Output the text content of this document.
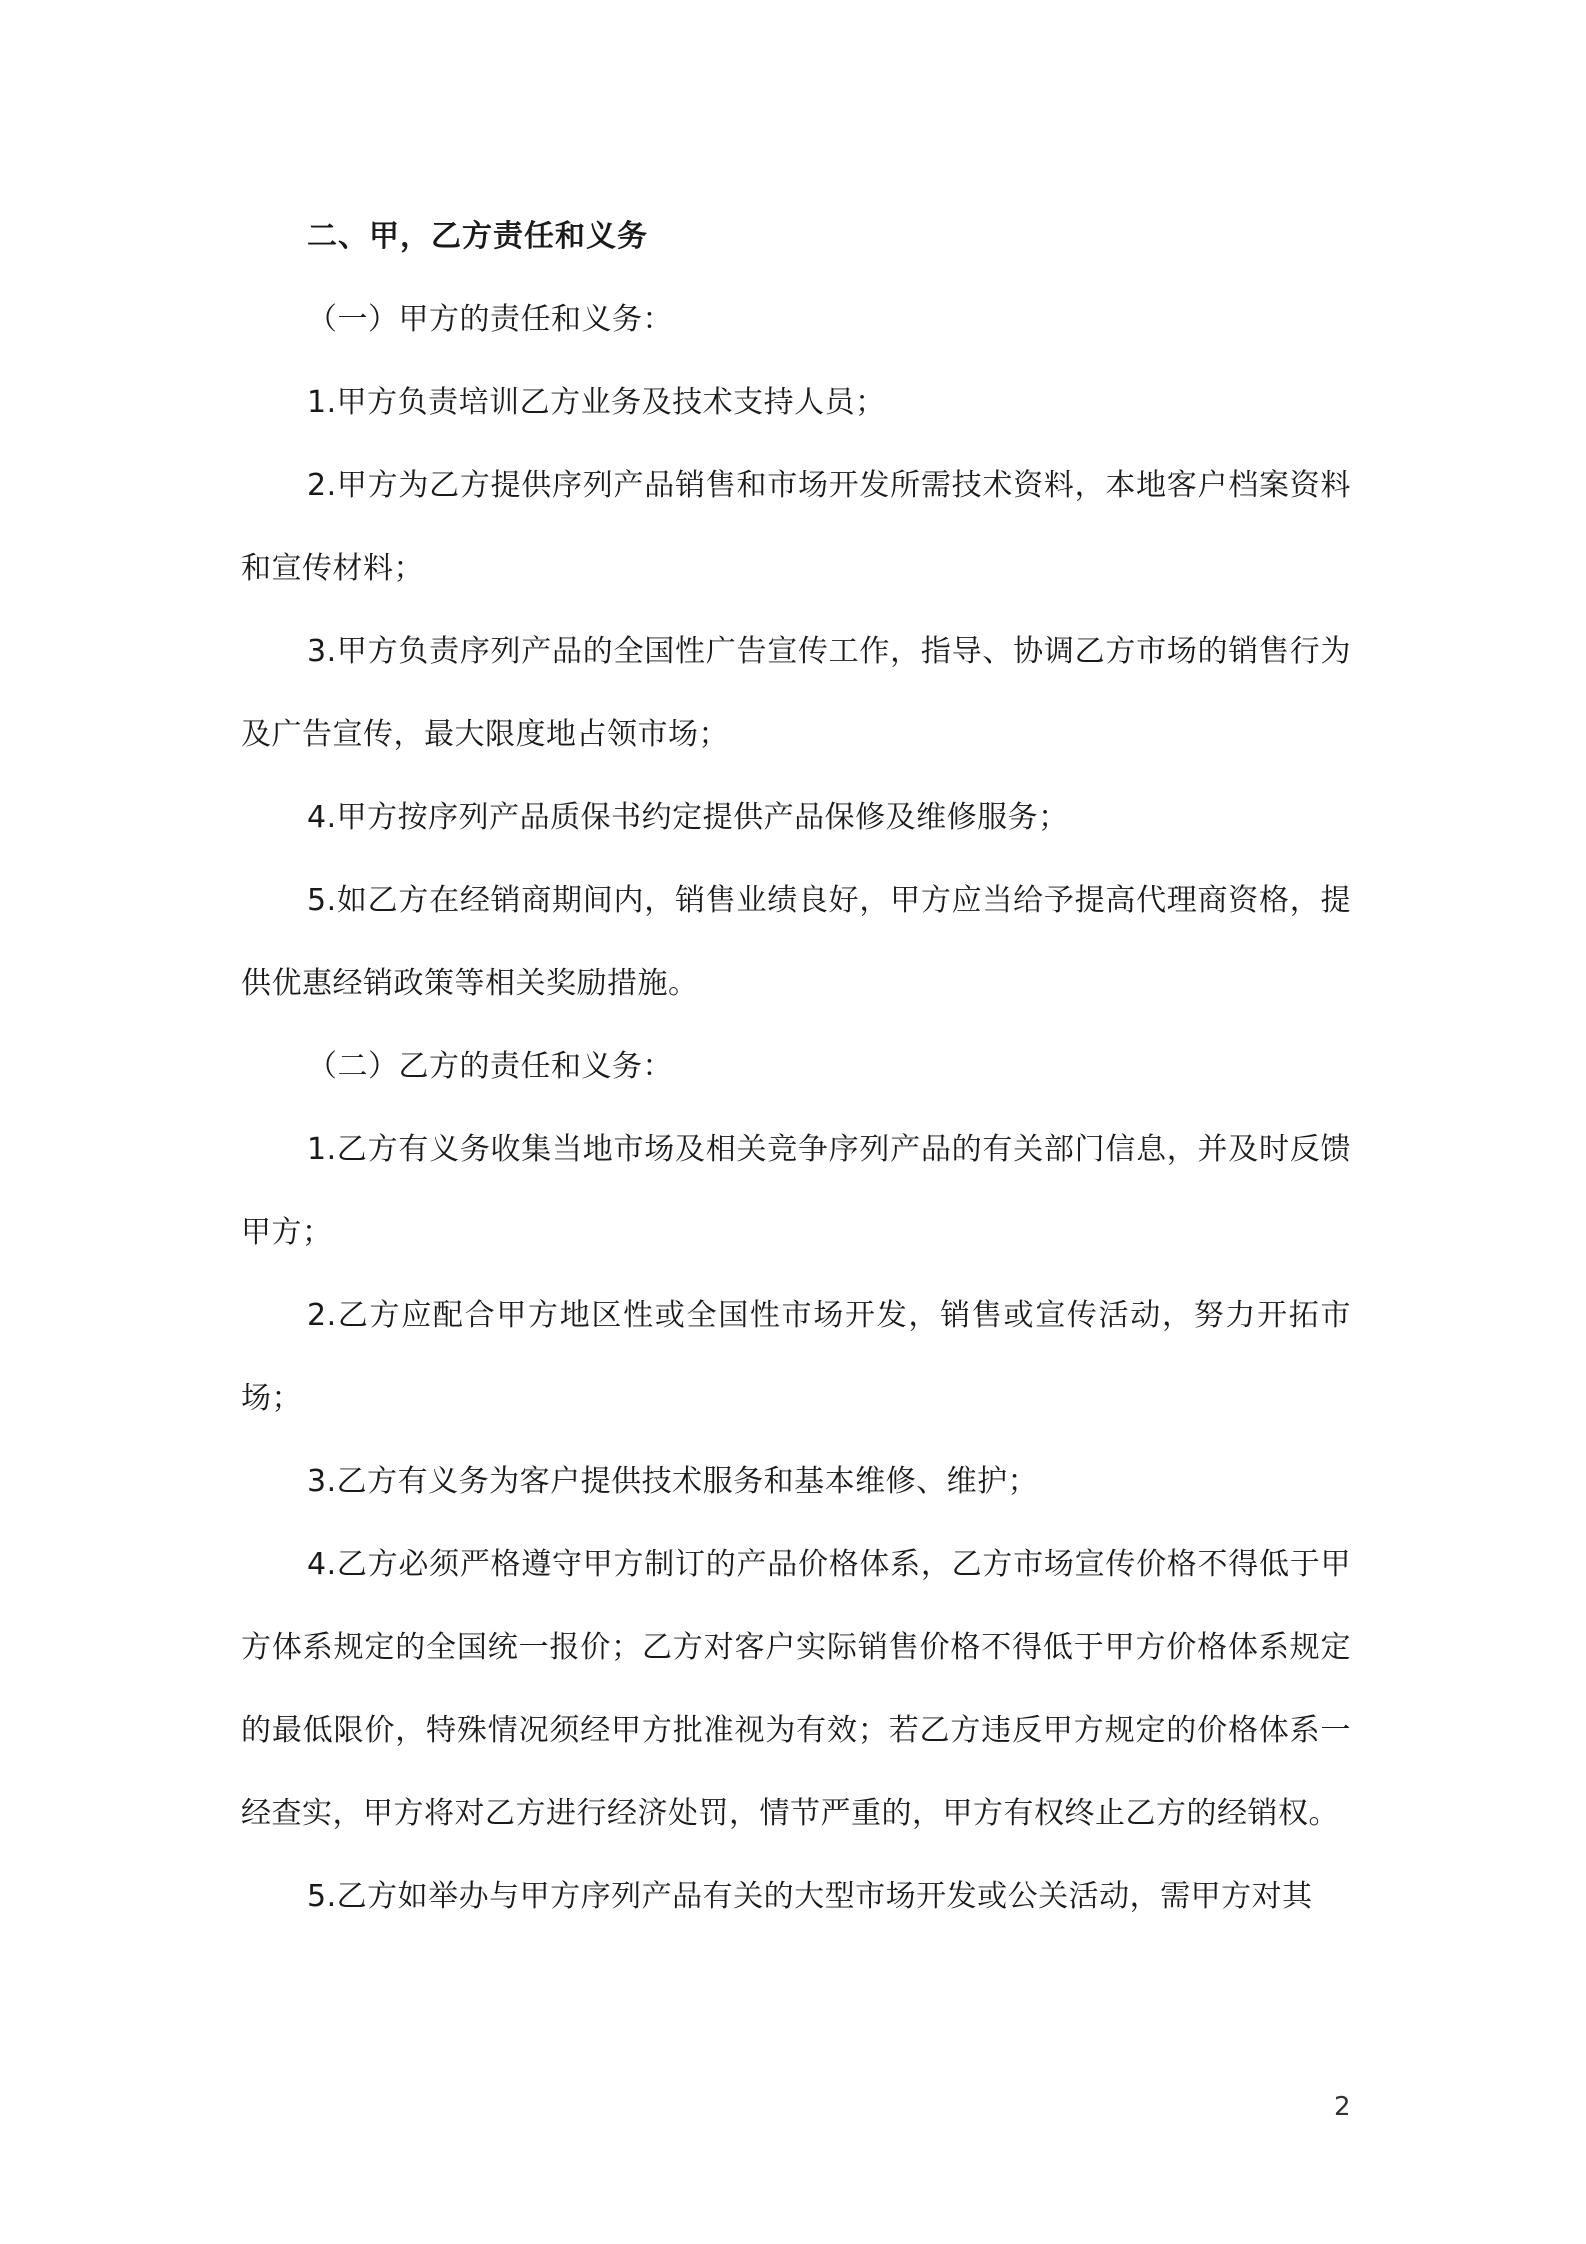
二、甲，乙方责任和义务

（一）甲方的责任和义务：

1.甲方负责培训乙方业务及技术支持人员；

2.甲方为乙方提供序列产品销售和市场开发所需技术资料，本地客户档案资料和宣传材料；

3.甲方负责序列产品的全国性广告宣传工作，指导、协调乙方市场的销售行为及广告宣传，最大限度地占领市场；

4.甲方按序列产品质保书约定提供产品保修及维修服务；

5.如乙方在经销商期间内，销售业绩良好，甲方应当给予提高代理商资格，提供优惠经销政策等相关奖励措施。

（二）乙方的责任和义务：

1.乙方有义务收集当地市场及相关竞争序列产品的有关部门信息，并及时反馈甲方；

2.乙方应配合甲方地区性或全国性市场开发，销售或宣传活动，努力开拓市场；

3.乙方有义务为客户提供技术服务和基本维修、维护；

4.乙方必须严格遵守甲方制订的产品价格体系，乙方市场宣传价格不得低于甲方体系规定的全国统一报价；乙方对客户实际销售价格不得低于甲方价格体系规定的最低限价，特殊情况须经甲方批准视为有效；若乙方违反甲方规定的价格体系一经查实，甲方将对乙方进行经济处罚，情节严重的，甲方有权终止乙方的经销权。

5.乙方如举办与甲方序列产品有关的大型市场开发或公关活动，需甲方对其

2
